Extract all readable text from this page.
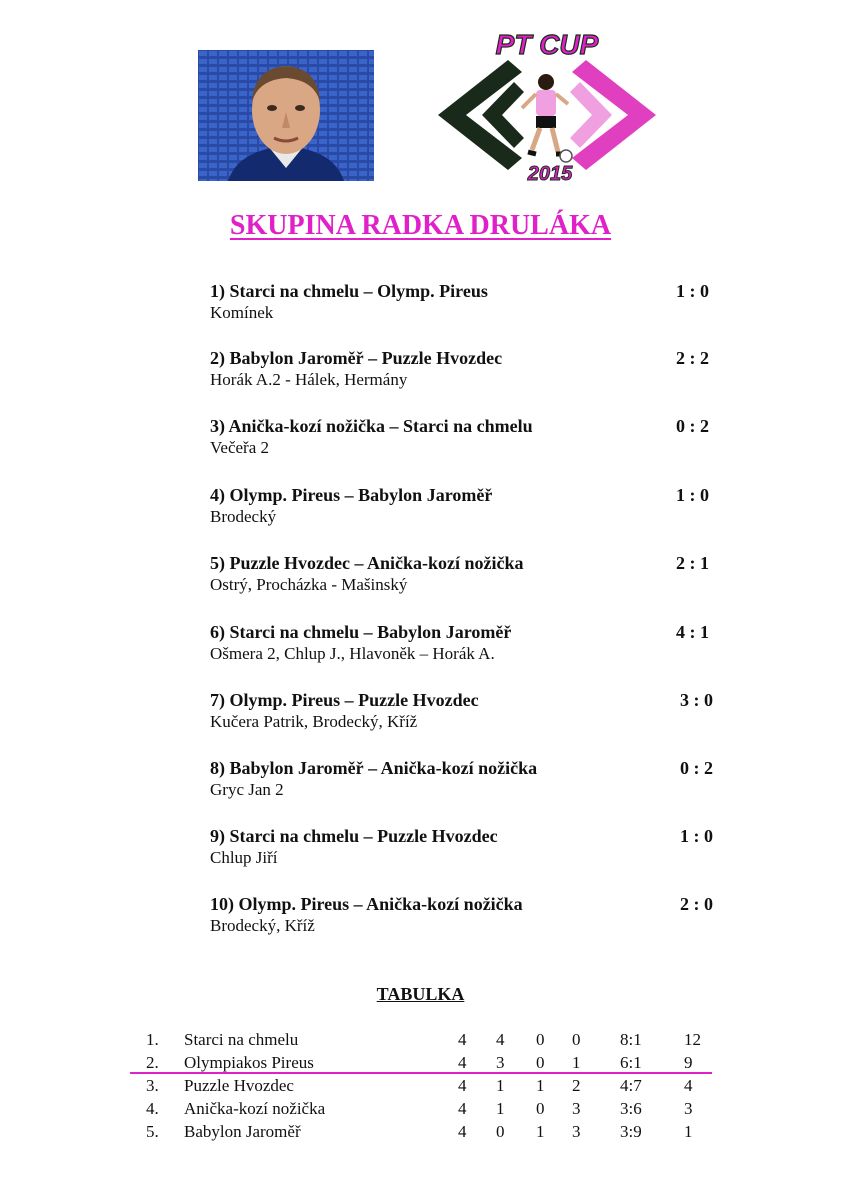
PT CUP
2015
SKUPINA RADKA DRULÁKA
1) Starci na chmelu – Olymp. Pireus	1 : 0
Komínek
2) Babylon Jaroměř – Puzzle Hvozdec	2 : 2
Horák A.2 - Hálek, Hermány
3) Anička-kozí nožička – Starci na chmelu	0 : 2
Večeřa 2
4) Olymp. Pireus – Babylon Jaroměř	1 : 0
Brodecký
5) Puzzle Hvozdec – Anička-kozí nožička	2 : 1
Ostrý, Procházka - Mašinský
6) Starci na chmelu – Babylon Jaroměř	4 : 1
Ošmera 2, Chlup J., Hlavoněk – Horák A.
7) Olymp. Pireus – Puzzle Hvozdec	3 : 0
Kučera Patrik, Brodecký, Kříž
8) Babylon Jaroměř – Anička-kozí nožička	0 : 2
Gryc Jan 2
9) Starci na chmelu – Puzzle Hvozdec	1 : 0
Chlup Jiří
10) Olymp. Pireus – Anička-kozí nožička	2 : 0
Brodecký, Kříž
TABULKA
1. Starci na chmelu	4 4 0 0 8:1 12
2. Olympiakos Pireus	4 3 0 1 6:1 9
3. Puzzle Hvozdec	4 1 1 2 4:7 4
4. Anička-kozí nožička	4 1 0 3 3:6 3
5. Babylon Jaroměř	4 0 1 3 3:9 1
